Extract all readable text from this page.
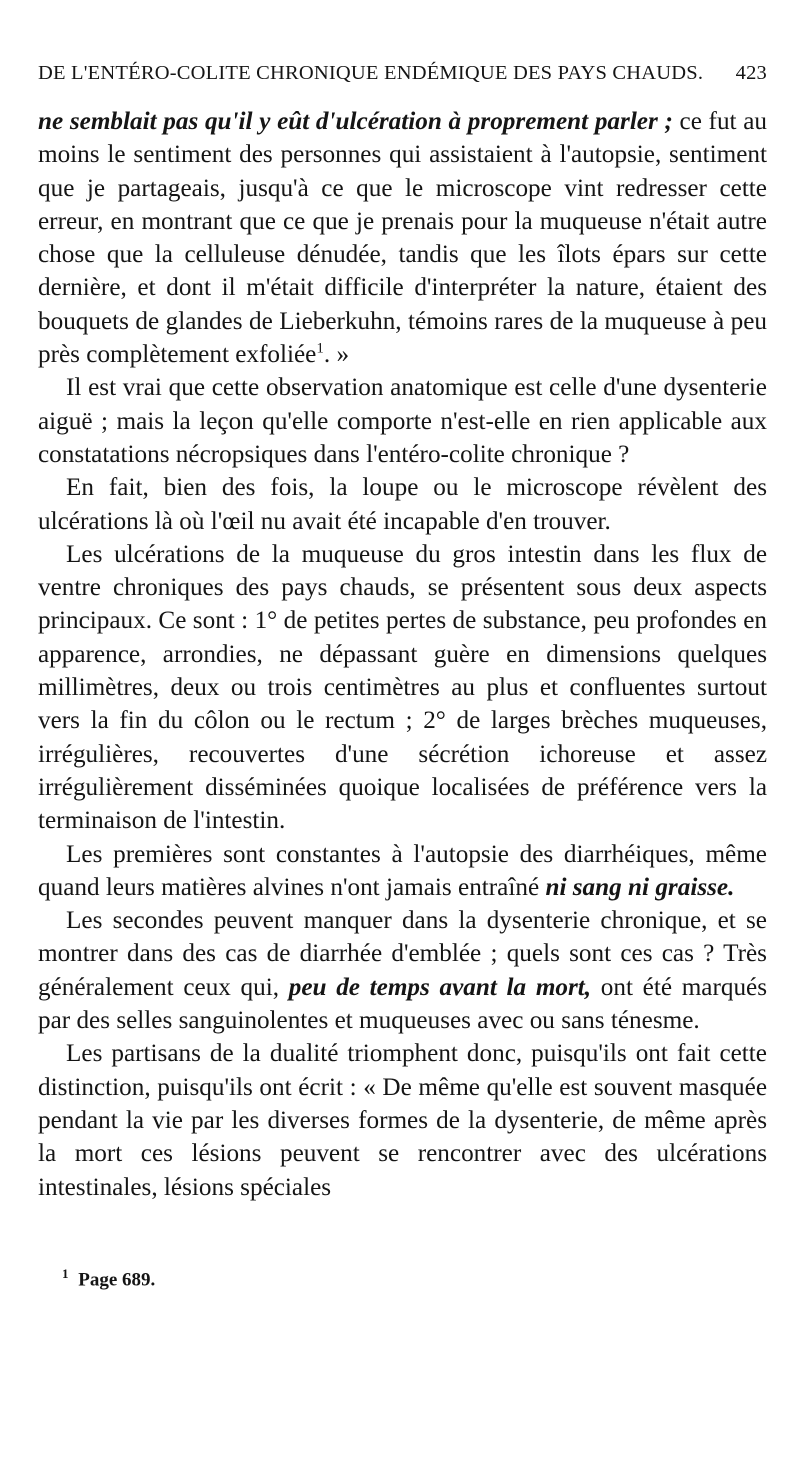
DE L'ENTÉRO-COLITE CHRONIQUE ENDÉMIQUE DES PAYS CHAUDS. 423

ne semblait pas qu'il y eût d'ulcération à proprement parler ; ce fut au moins le sentiment des personnes qui assistaient à l'autopsie, sentiment que je partageais, jusqu'à ce que le microscope vint redresser cette erreur, en montrant que ce que je prenais pour la muqueuse n'était autre chose que la celluleuse dénudée, tandis que les îlots épars sur cette dernière, et dont il m'était difficile d'interpréter la nature, étaient des bouquets de glandes de Lieberkuhn, témoins rares de la muqueuse à peu près complètement exfoliée$^1$. »

Il est vrai que cette observation anatomique est celle d'une dysenterie aiguë ; mais la leçon qu'elle comporte n'est-elle en rien applicable aux constatations nécropsiques dans l'entéro-colite chronique ?

En fait, bien des fois, la loupe ou le microscope révèlent des ulcérations là où l'œil nu avait été incapable d'en trouver.

Les ulcérations de la muqueuse du gros intestin dans les flux de ventre chroniques des pays chauds, se présentent sous deux aspects principaux. Ce sont : 1° de petites pertes de substance, peu profondes en apparence, arrondies, ne dépassant guère en dimensions quelques millimètres, deux ou trois centimètres au plus et confluentes surtout vers la fin du côlon ou le rectum ; 2° de larges brèches muqueuses, irrégulières, recouvertes d'une sécrétion ichoreuse et assez irrégulièrement disséminées quoique localisées de préférence vers la terminaison de l'intestin.

Les premières sont constantes à l'autopsie des diarrhéiques, même quand leurs matières alvines n'ont jamais entraîné ni sang ni graisse.

Les secondes peuvent manquer dans la dysenterie chronique, et se montrer dans des cas de diarrhée d'emblée ; quels sont ces cas ? Très généralement ceux qui, peu de temps avant la mort, ont été marqués par des selles sanguinolentes et muqueuses avec ou sans ténesme.

Les partisans de la dualité triomphent donc, puisqu'ils ont fait cette distinction, puisqu'ils ont écrit : « De même qu'elle est souvent masquée pendant la vie par les diverses formes de la dysenterie, de même après la mort ces lésions peuvent se rencontrer avec des ulcérations intestinales, lésions spéciales

$^1$ Page 689.
